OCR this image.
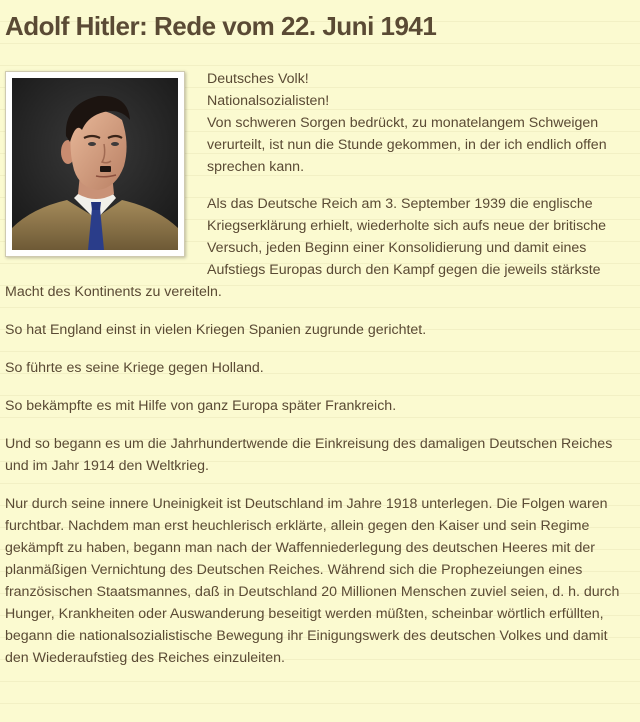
Adolf Hitler: Rede vom 22. Juni 1941

Deutsches Volk!

Nationalsozialisten!

Von schweren Sorgen bedrückt, zu monatelangem Schweigen verurteilt, ist nun die Stunde gekommen, in der ich endlich offen sprechen kann.

Als das Deutsche Reich am 3. September 1939 die englische Kriegserklärung erhielt, wiederholte sich aufs neue der britische Versuch, jeden Beginn einer Konsolidierung und damit eines Aufstiegs Europas durch den Kampf gegen die jeweils stärkste Macht des Kontinents zu vereiteln.

So hat England einst in vielen Kriegen Spanien zugrunde gerichtet.

So führte es seine Kriege gegen Holland.

So bekämpfte es mit Hilfe von ganz Europa später Frankreich.

Und so begann es um die Jahrhundertwende die Einkreisung des damaligen Deutschen Reiches und im Jahr 1914 den Weltkrieg.

Nur durch seine innere Uneinigkeit ist Deutschland im Jahre 1918 unterlegen. Die Folgen waren furchtbar. Nachdem man erst heuchlerisch erklärte, allein gegen den Kaiser und sein Regime gekämpft zu haben, begann man nach der Waffenniederlegung des deutschen Heeres mit der planmäßigen Vernichtung des Deutschen Reiches. Während sich die Prophezeiungen eines französischen Staatsmannes, daß in Deutschland 20 Millionen Menschen zuviel seien, d. h. durch Hunger, Krankheiten oder Auswanderung beseitigt werden müßten, scheinbar wörtlich erfüllten, begann die nationalsozialistische Bewegung ihr Einigungswerk des deutschen Volkes und damit den Wiederaufstieg des Reiches einzuleiten.
